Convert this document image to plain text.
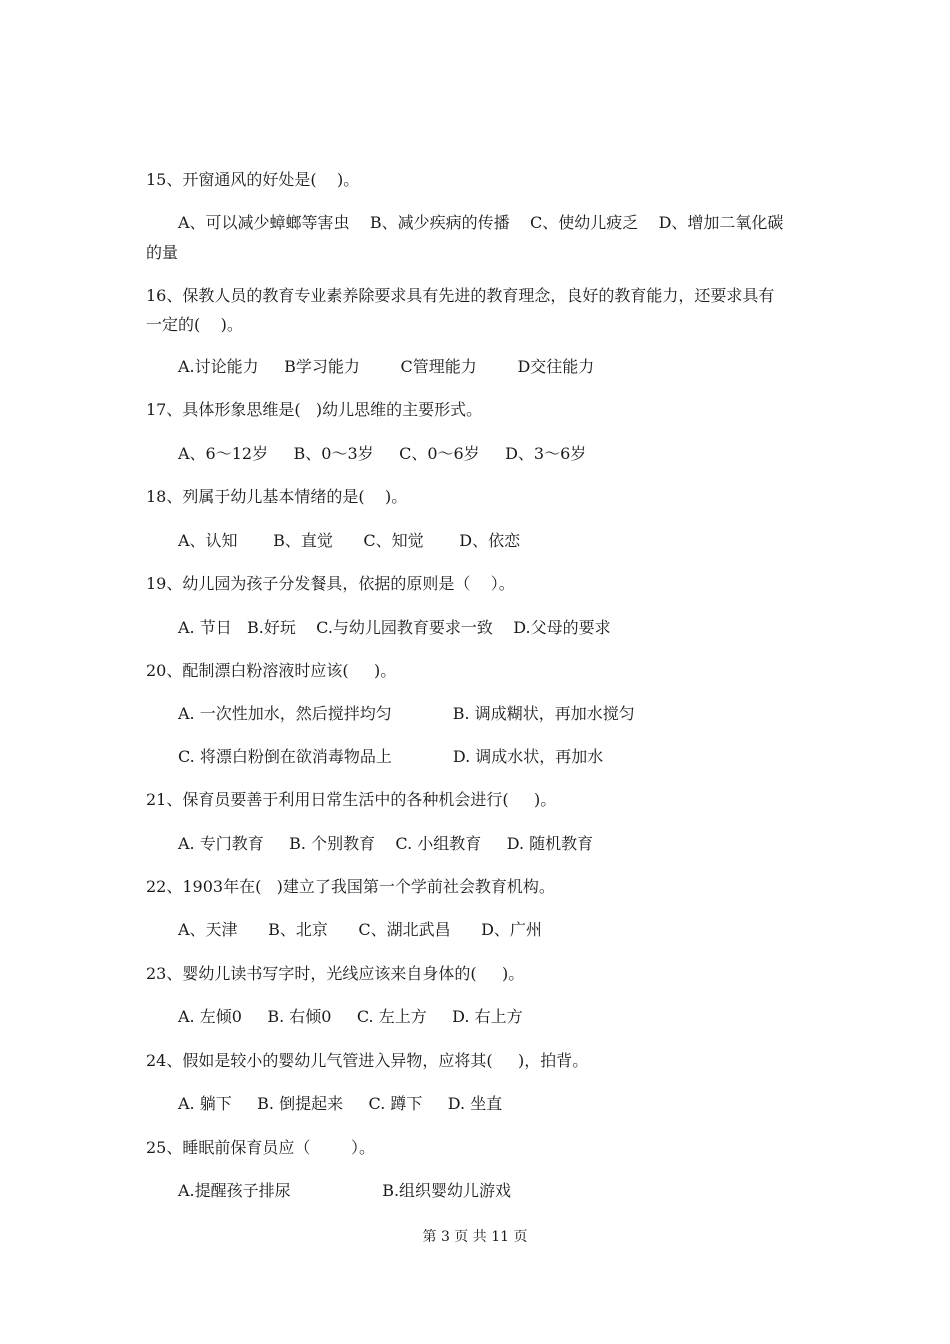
15、开窗通风的好处是(    )。
A、可以减少蟑螂等害虫    B、减少疾病的传播    C、使幼儿疲乏    D、增加二氧化碳
的量
16、保教人员的教育专业素养除要求具有先进的教育理念，良好的教育能力，还要求具有
一定的(    )。
A.讨论能力     B学习能力        C管理能力        D交往能力
17、具体形象思维是(   )幼儿思维的主要形式。
A、6～12岁     B、0～3岁     C、0～6岁     D、3～6岁
18、列属于幼儿基本情绪的是(    )。
A、认知       B、直觉      C、知觉       D、依恋
19、幼儿园为孩子分发餐具，依据的原则是（    ）。
A. 节日   B.好玩    C.与幼儿园教育要求一致    D.父母的要求
20、配制漂白粉溶液时应该(     )。
A. 一次性加水，然后搅拌均匀            B. 调成糊状，再加水搅匀
C. 将漂白粉倒在欲消毒物品上            D. 调成水状，再加水
21、保育员要善于利用日常生活中的各种机会进行(     )。
A. 专门教育     B. 个别教育    C. 小组教育     D. 随机教育
22、1903年在(   )建立了我国第一个学前社会教育机构。
A、天津      B、北京      C、湖北武昌      D、广州
23、婴幼儿读书写字时，光线应该来自身体的(     )。
A. 左倾0     B. 右倾0     C. 左上方     D. 右上方
24、假如是较小的婴幼儿气管进入异物，应将其(     )，拍背。
A. 躺下     B. 倒提起来     C. 蹲下     D. 坐直
25、睡眠前保育员应（        ）。
A.提醒孩子排尿                  B.组织婴幼儿游戏
第 3 页 共 11 页
